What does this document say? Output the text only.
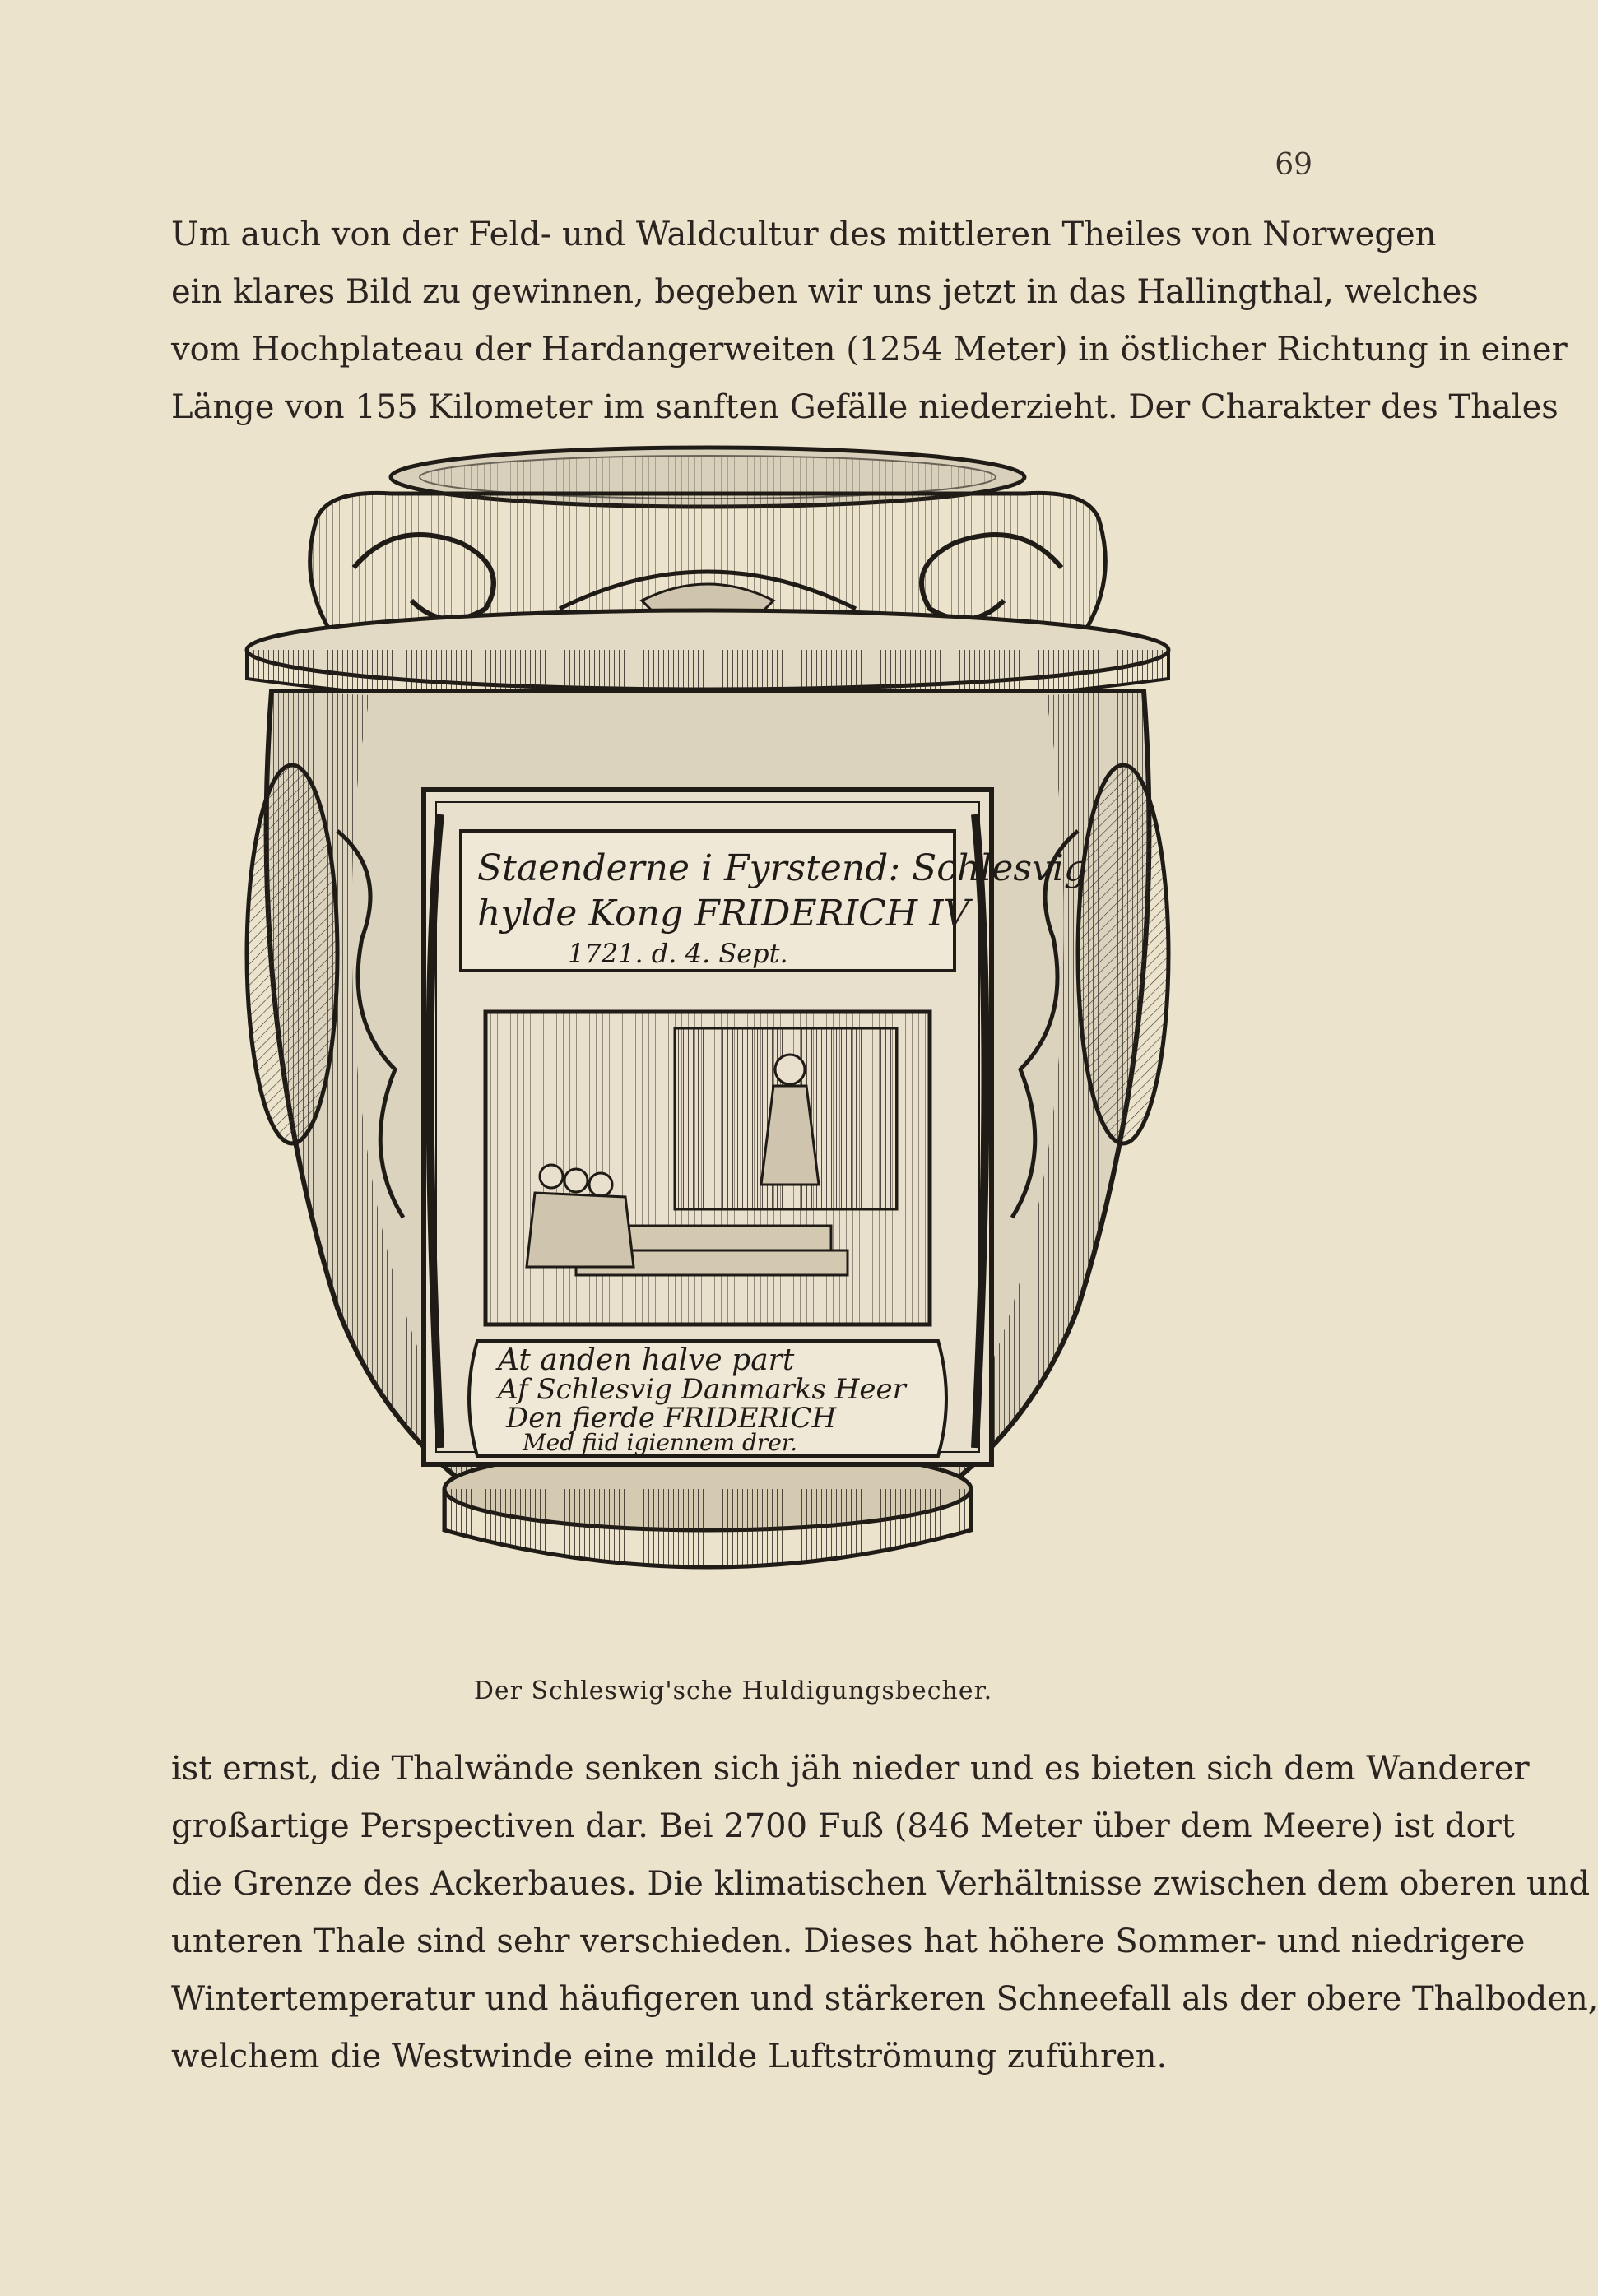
69
Um auch von der Feld- und Waldcultur des mittleren Theiles von Norwegen
ein klares Bild zu gewinnen, begeben wir uns jetzt in das Hallingthal, welches
vom Hochplateau der Hardangerweiten (1254 Meter) in östlicher Richtung in einer
Länge von 155 Kilometer im sanften Gefälle niederzieht. Der Charakter des Thales
Staenderne i Fyrstend: Schlesvig
hylde Kong FRIDERICH IV
1721. d. 4. Sept.
At anden halve part
Af Schlesvig Danmarks Heer
Den fierde FRIDERICH
Med fiid igiennem drer.
Der Schleswig'sche Huldigungsbecher.
ist ernst, die Thalwände senken sich jäh nieder und es bieten sich dem Wanderer
großartige Perspectiven dar. Bei 2700 Fuß (846 Meter über dem Meere) ist dort
die Grenze des Ackerbaues. Die klimatischen Verhältnisse zwischen dem oberen und
unteren Thale sind sehr verschieden. Dieses hat höhere Sommer- und niedrigere
Wintertemperatur und häufigeren und stärkeren Schneefall als der obere Thalboden,
welchem die Westwinde eine milde Luftströmung zuführen.
